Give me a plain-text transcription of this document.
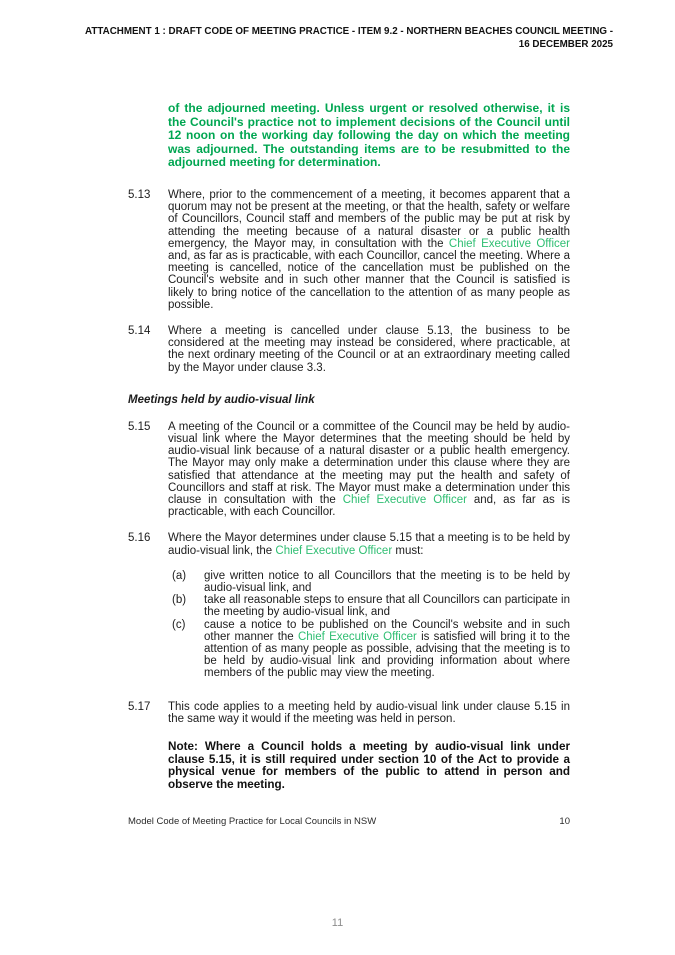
ATTACHMENT 1 : DRAFT CODE OF MEETING PRACTICE - ITEM 9.2 - NORTHERN BEACHES COUNCIL MEETING -
16 DECEMBER 2025

of the adjourned meeting. Unless urgent or resolved otherwise, it is the Council's practice not to implement decisions of the Council until 12 noon on the working day following the day on which the meeting was adjourned. The outstanding items are to be resubmitted to the adjourned meeting for determination.

5.13	Where, prior to the commencement of a meeting, it becomes apparent that a quorum may not be present at the meeting, or that the health, safety or welfare of Councillors, Council staff and members of the public may be put at risk by attending the meeting because of a natural disaster or a public health emergency, the Mayor may, in consultation with the Chief Executive Officer and, as far as is practicable, with each Councillor, cancel the meeting. Where a meeting is cancelled, notice of the cancellation must be published on the Council's website and in such other manner that the Council is satisfied is likely to bring notice of the cancellation to the attention of as many people as possible.
5.14	Where a meeting is cancelled under clause 5.13, the business to be considered at the meeting may instead be considered, where practicable, at the next ordinary meeting of the Council or at an extraordinary meeting called by the Mayor under clause 3.3.
Meetings held by audio-visual link
5.15	A meeting of the Council or a committee of the Council may be held by audio-visual link where the Mayor determines that the meeting should be held by audio-visual link because of a natural disaster or a public health emergency. The Mayor may only make a determination under this clause where they are satisfied that attendance at the meeting may put the health and safety of Councillors and staff at risk. The Mayor must make a determination under this clause in consultation with the Chief Executive Officer and, as far as is practicable, with each Councillor.
5.16	Where the Mayor determines under clause 5.15 that a meeting is to be held by audio-visual link, the Chief Executive Officer must:
(a)	give written notice to all Councillors that the meeting is to be held by audio-visual link, and
(b)	take all reasonable steps to ensure that all Councillors can participate in the meeting by audio-visual link, and
(c)	cause a notice to be published on the Council's website and in such other manner the Chief Executive Officer is satisfied will bring it to the attention of as many people as possible, advising that the meeting is to be held by audio-visual link and providing information about where members of the public may view the meeting.
5.17	This code applies to a meeting held by audio-visual link under clause 5.15 in the same way it would if the meeting was held in person.

Note: Where a Council holds a meeting by audio-visual link under clause 5.15, it is still required under section 10 of the Act to provide a physical venue for members of the public to attend in person and observe the meeting.

Model Code of Meeting Practice for Local Councils in NSW	10
11
